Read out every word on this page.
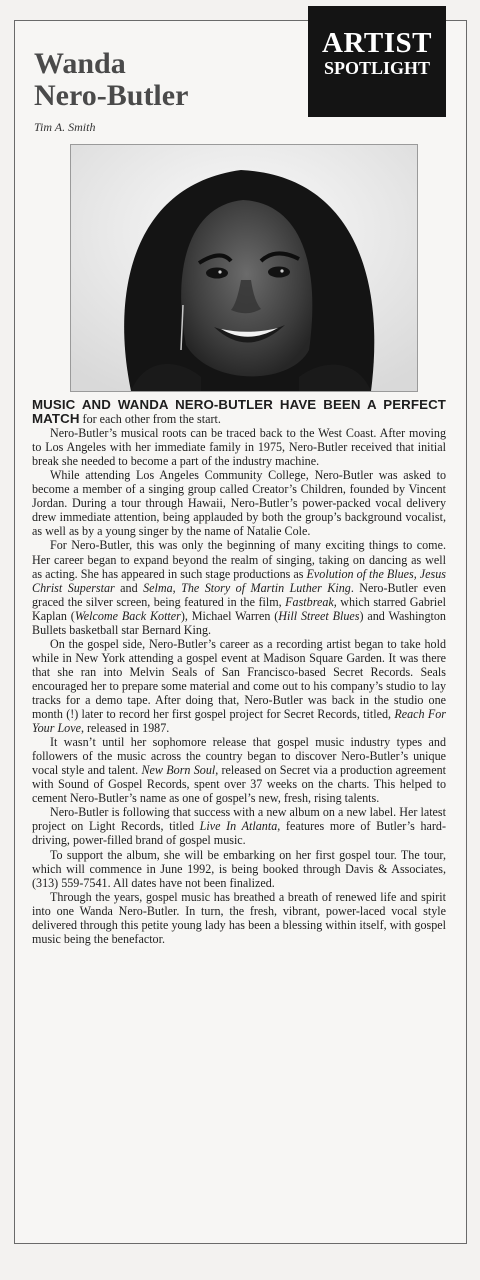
ARTIST
SPOTLIGHT
Wanda
Nero-Butler
Tim A. Smith

MUSIC AND WANDA NERO-BUTLER HAVE BEEN A PERFECT MATCH for each other from the start.

Nero-Butler’s musical roots can be traced back to the West Coast. After moving to Los Angeles with her immediate family in 1975, Nero-Butler received that initial break she needed to become a part of the industry machine.

While attending Los Angeles Community College, Nero-Butler was asked to become a member of a singing group called Creator’s Children, founded by Vincent Jordan. During a tour through Hawaii, Nero-Butler’s power-packed vocal delivery drew immediate attention, being applauded by both the group’s background vocalist, as well as by a young singer by the name of Natalie Cole.

For Nero-Butler, this was only the beginning of many exciting things to come. Her career began to expand beyond the realm of singing, taking on dancing as well as acting. She has appeared in such stage productions as Evolution of the Blues, Jesus Christ Superstar and Selma, The Story of Martin Luther King. Nero-Butler even graced the silver screen, being featured in the film, Fastbreak, which starred Gabriel Kaplan (Welcome Back Kotter), Michael Warren (Hill Street Blues) and Washington Bullets basketball star Bernard King.

On the gospel side, Nero-Butler’s career as a recording artist began to take hold while in New York attending a gospel event at Madison Square Garden. It was there that she ran into Melvin Seals of San Francisco-based Secret Records. Seals encouraged her to prepare some material and come out to his company’s studio to lay tracks for a demo tape. After doing that, Nero-Butler was back in the studio one month (!) later to record her first gospel project for Secret Records, titled, Reach For Your Love, released in 1987.

It wasn’t until her sophomore release that gospel music industry types and followers of the music across the country began to discover Nero-Butler’s unique vocal style and talent. New Born Soul, released on Secret via a production agreement with Sound of Gospel Records, spent over 37 weeks on the charts. This helped to cement Nero-Butler’s name as one of gospel’s new, fresh, rising talents.

Nero-Butler is following that success with a new album on a new label. Her latest project on Light Records, titled Live In Atlanta, features more of Butler’s hard-driving, power-filled brand of gospel music.

To support the album, she will be embarking on her first gospel tour. The tour, which will commence in June 1992, is being booked through Davis & Associates, (313) 559-7541. All dates have not been finalized.

Through the years, gospel music has breathed a breath of renewed life and spirit into one Wanda Nero-Butler. In turn, the fresh, vibrant, power-laced vocal style delivered through this petite young lady has been a blessing within itself, with gospel music being the benefactor.
